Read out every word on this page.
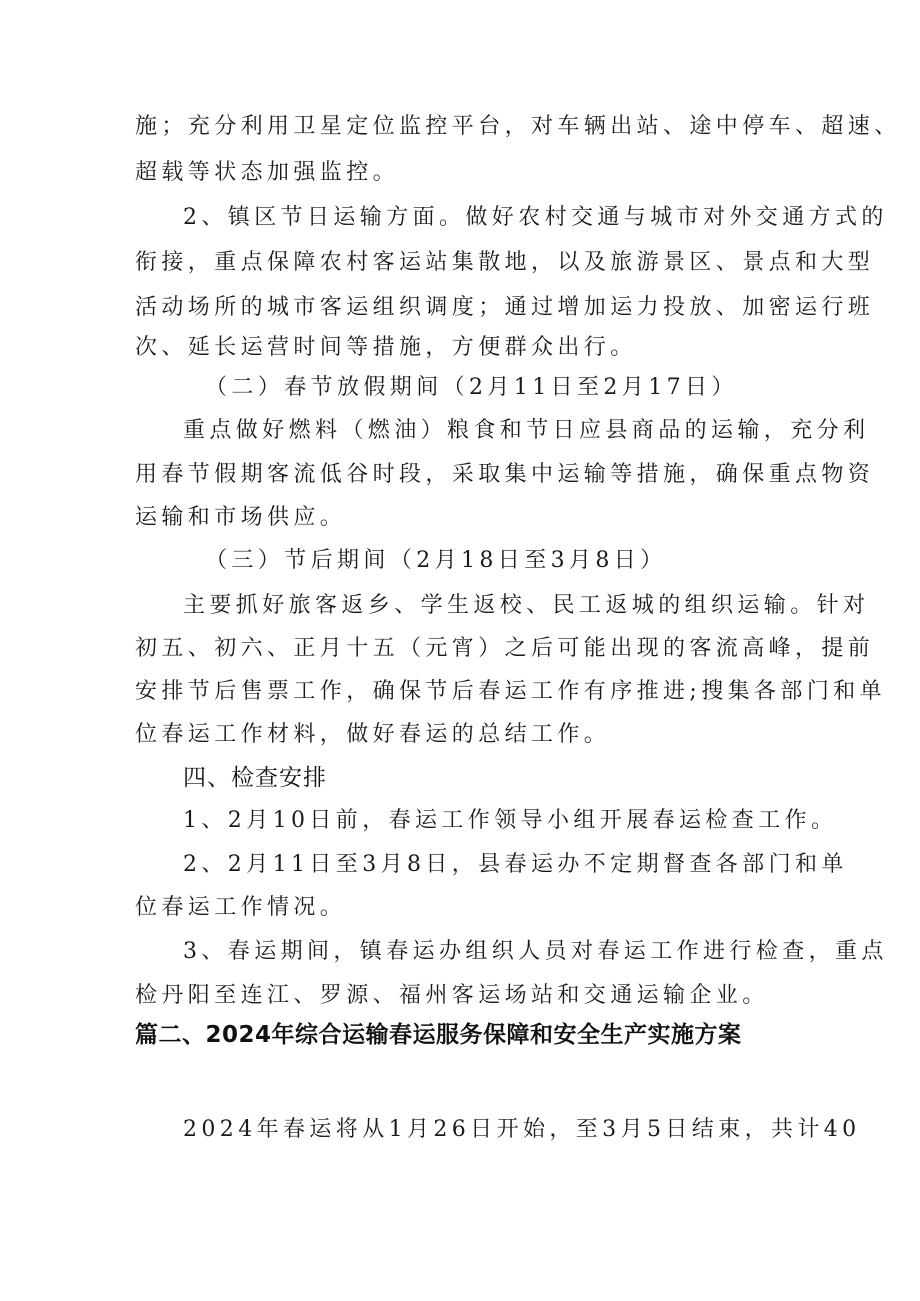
施；充分利用卫星定位监控平台，对车辆出站、途中停车、超速、
超载等状态加强监控。
2、镇区节日运输方面。做好农村交通与城市对外交通方式的
衔接，重点保障农村客运站集散地，以及旅游景区、景点和大型
活动场所的城市客运组织调度；通过增加运力投放、加密运行班
次、延长运营时间等措施，方便群众出行。
（二）春节放假期间（2月11日至2月17日）
重点做好燃料（燃油）粮食和节日应县商品的运输，充分利
用春节假期客流低谷时段，采取集中运输等措施，确保重点物资
运输和市场供应。
（三）节后期间（2月18日至3月8日）
主要抓好旅客返乡、学生返校、民工返城的组织运输。针对
初五、初六、正月十五（元宵）之后可能出现的客流高峰，提前
安排节后售票工作，确保节后春运工作有序推进;搜集各部门和单
位春运工作材料，做好春运的总结工作。
四、检查安排
1、2月10日前，春运工作领导小组开展春运检查工作。
2、2月11日至3月8日，县春运办不定期督查各部门和单
位春运工作情况。
3、春运期间，镇春运办组织人员对春运工作进行检查，重点
检丹阳至连江、罗源、福州客运场站和交通运输企业。
篇二、2024年综合运输春运服务保障和安全生产实施方案
2024年春运将从1月26日开始，至3月5日结束，共计40
